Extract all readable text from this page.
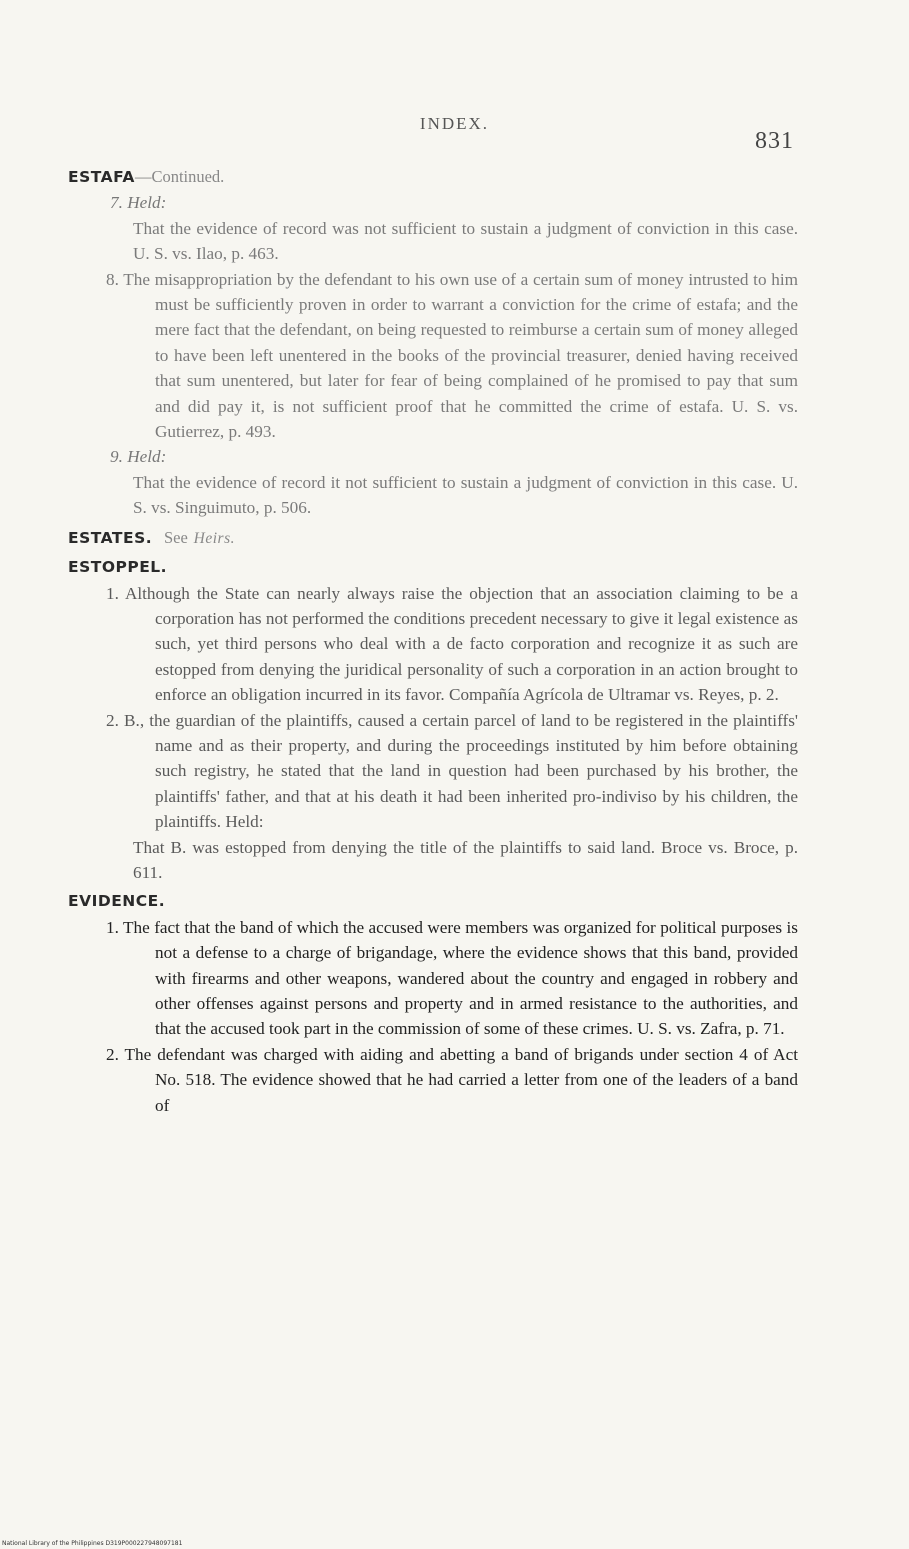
INDEX.
831

ESTAFA—Continued.

7. Held:

That the evidence of record was not sufficient to sustain a judgment of conviction in this case. U. S. vs. Ilao, p. 463.

8. The misappropriation by the defendant to his own use of a certain sum of money intrusted to him must be sufficiently proven in order to warrant a conviction for the crime of estafa; and the mere fact that the defendant, on being requested to reimburse a certain sum of money alleged to have been left unentered in the books of the provincial treasurer, denied having received that sum unentered, but later for fear of being complained of he promised to pay that sum and did pay it, is not sufficient proof that he committed the crime of estafa. U. S. vs. Gutierrez, p. 493.

9. Held:

That the evidence of record it not sufficient to sustain a judgment of conviction in this case. U. S. vs. Singuimuto, p. 506.

ESTATES. See Heirs.

ESTOPPEL.

1. Although the State can nearly always raise the objection that an association claiming to be a corporation has not performed the conditions precedent necessary to give it legal existence as such, yet third persons who deal with a de facto corporation and recognize it as such are estopped from denying the juridical personality of such a corporation in an action brought to enforce an obligation incurred in its favor. Compañía Agrícola de Ultramar vs. Reyes, p. 2.

2. B., the guardian of the plaintiffs, caused a certain parcel of land to be registered in the plaintiffs' name and as their property, and during the proceedings instituted by him before obtaining such registry, he stated that the land in question had been purchased by his brother, the plaintiffs' father, and that at his death it had been inherited pro-indiviso by his children, the plaintiffs. Held:

That B. was estopped from denying the title of the plaintiffs to said land. Broce vs. Broce, p. 611.

EVIDENCE.

1. The fact that the band of which the accused were members was organized for political purposes is not a defense to a charge of brigandage, where the evidence shows that this band, provided with firearms and other weapons, wandered about the country and engaged in robbery and other offenses against persons and property and in armed resistance to the authorities, and that the accused took part in the commission of some of these crimes. U. S. vs. Zafra, p. 71.

2. The defendant was charged with aiding and abetting a band of brigands under section 4 of Act No. 518. The evidence showed that he had carried a letter from one of the leaders of a band of

National Library of the Philippines D319P000227948097181
